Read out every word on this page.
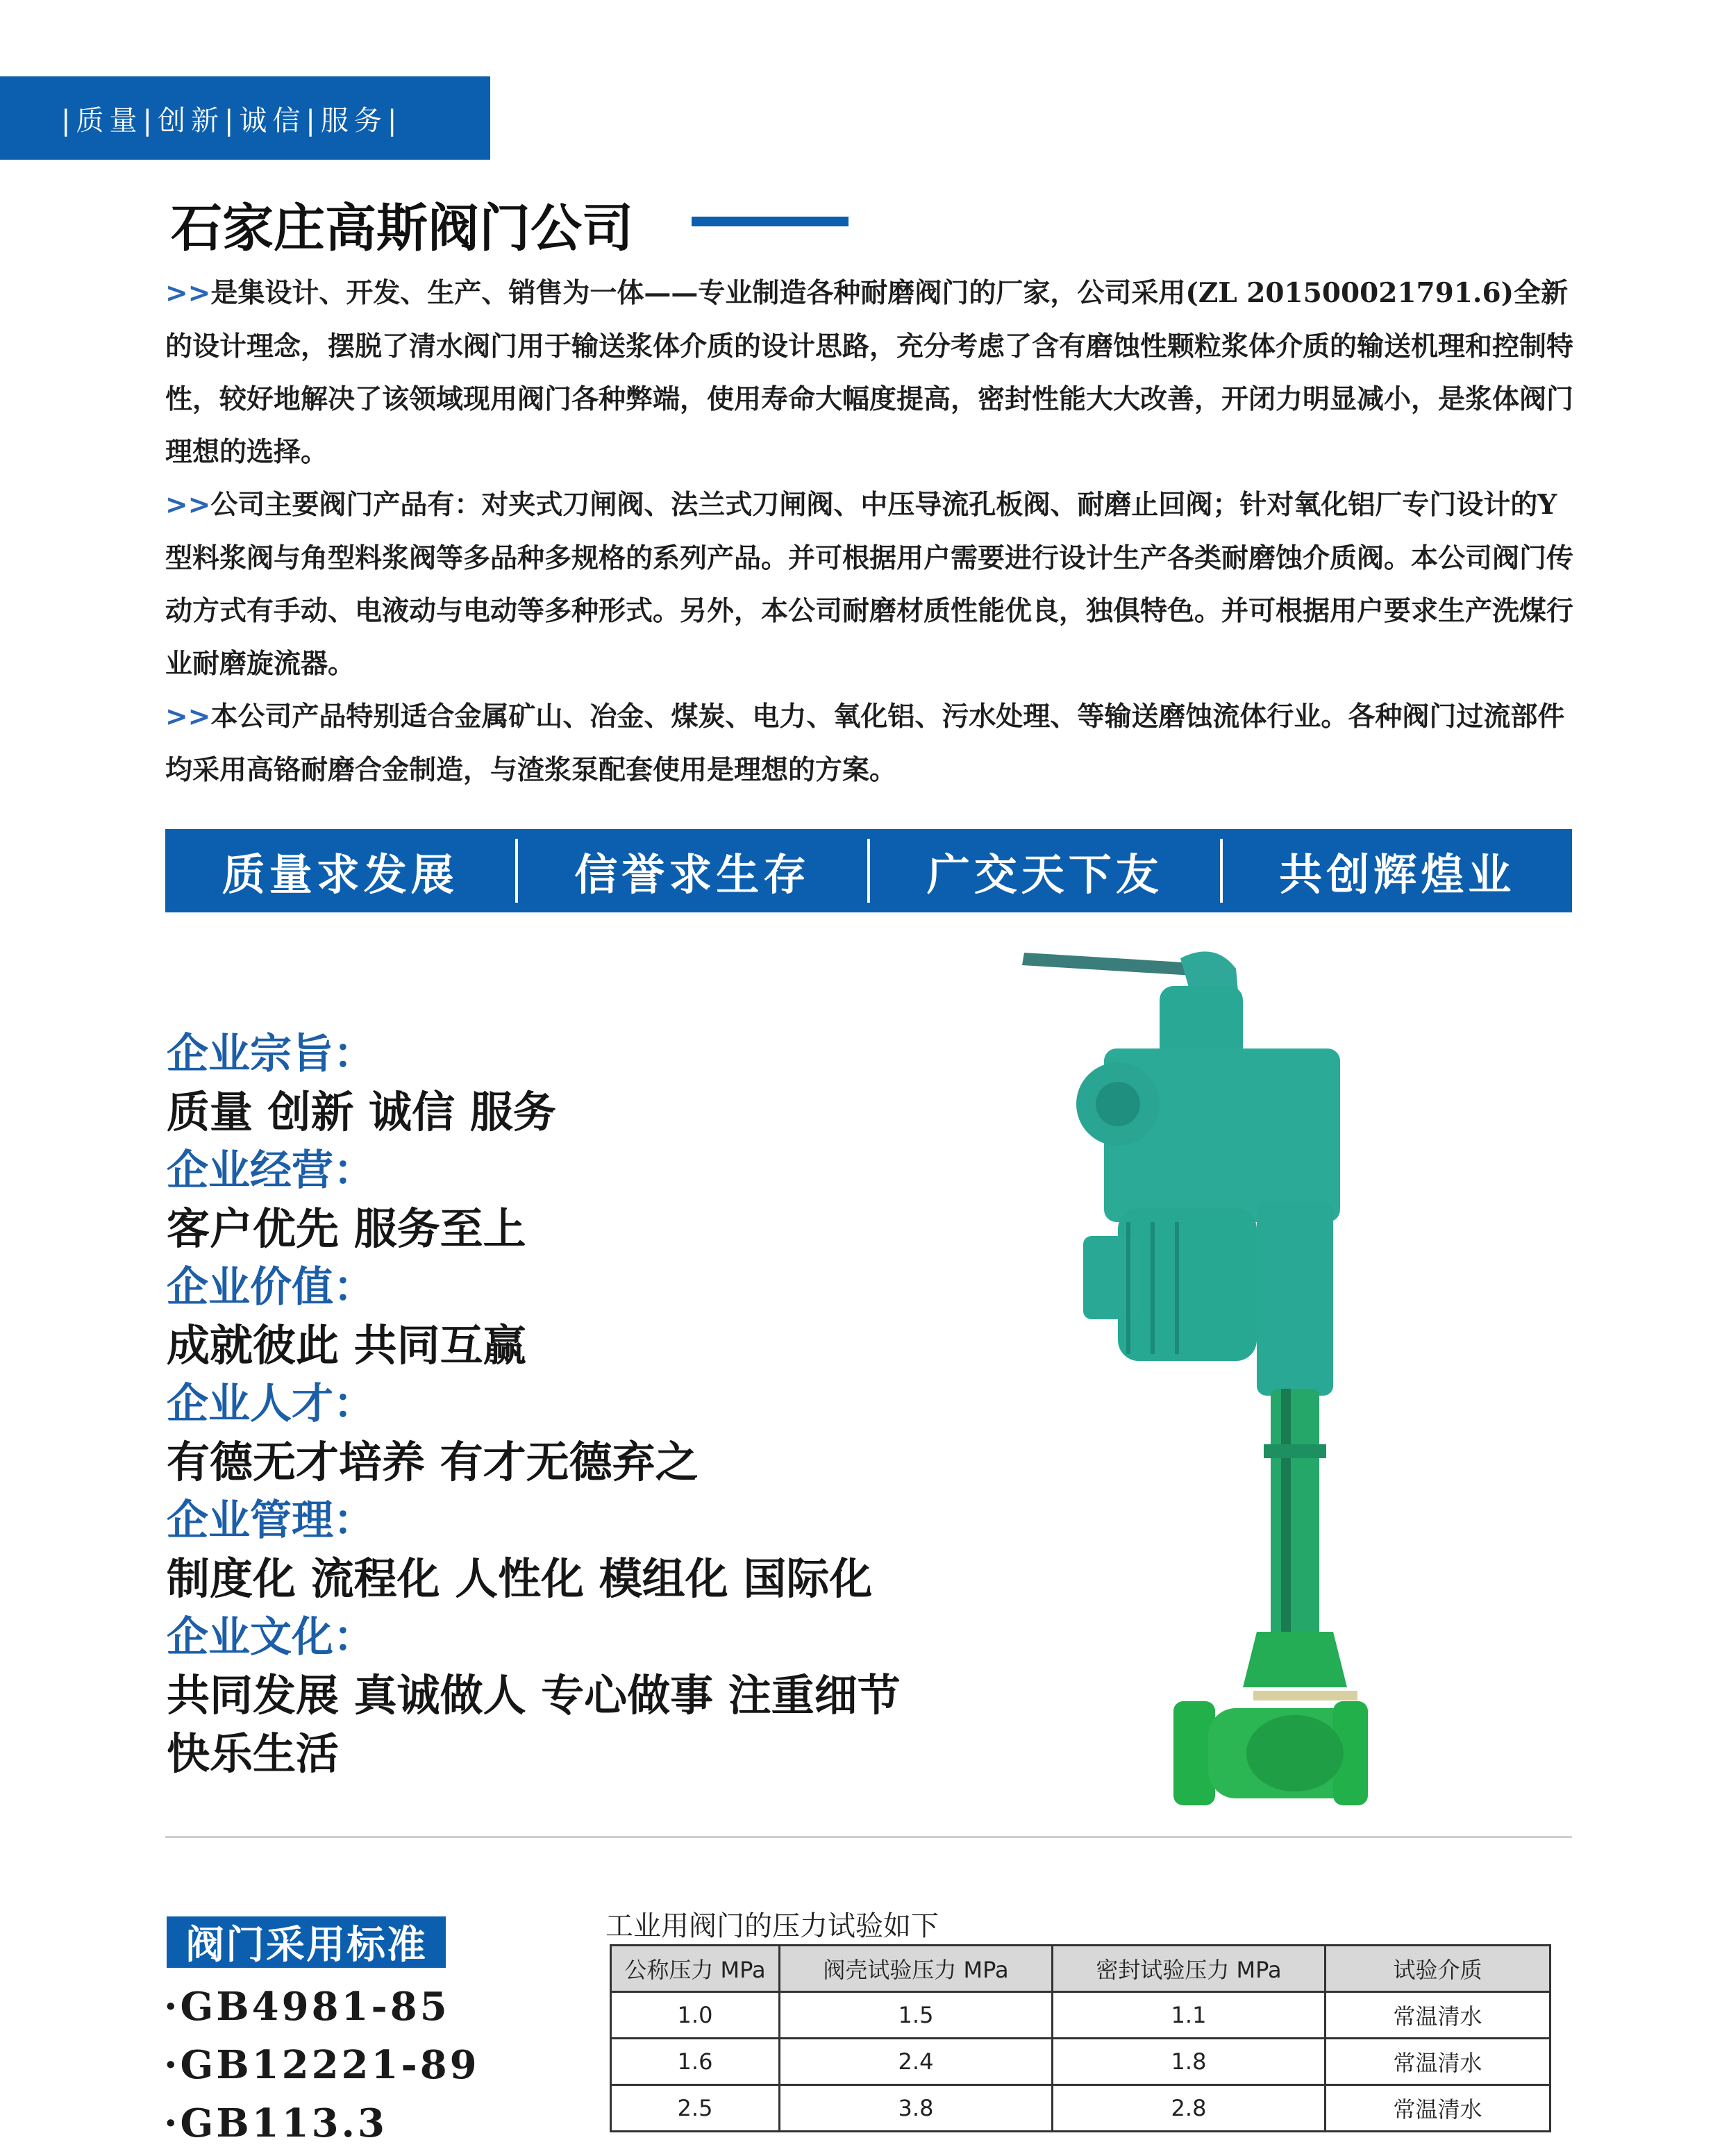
|质量|创新|诚信|服务|
石家庄高斯阀门公司

>>是集设计、开发、生产、销售为一体——专业制造各种耐磨阀门的厂家，公司采用(ZL 201500021791.6)全新的设计理念，摆脱了清水阀门用于输送浆体介质的设计思路，充分考虑了含有磨蚀性颗粒浆体介质的输送机理和控制特性，较好地解决了该领域现用阀门各种弊端，使用寿命大幅度提高，密封性能大大改善，开闭力明显减小，是浆体阀门理想的选择。

>>公司主要阀门产品有：对夹式刀闸阀、法兰式刀闸阀、中压导流孔板阀、耐磨止回阀；针对氧化铝厂专门设计的Y型料浆阀与角型料浆阀等多品种多规格的系列产品。并可根据用户需要进行设计生产各类耐磨蚀介质阀。本公司阀门传动方式有手动、电液动与电动等多种形式。另外，本公司耐磨材质性能优良，独俱特色。并可根据用户要求生产洗煤行业耐磨旋流器。

>>本公司产品特别适合金属矿山、冶金、煤炭、电力、氧化铝、污水处理、等输送磨蚀流体行业。各种阀门过流部件均采用高铬耐磨合金制造，与渣浆泵配套使用是理想的方案。

质量求发展	信誉求生存	广交天下友	共创辉煌业
企业宗旨：
质量 创新 诚信 服务
企业经营：
客户优先 服务至上
企业价值：
成就彼此 共同互赢
企业人才：
有德无才培养 有才无德弃之
企业管理：
制度化 流程化 人性化 模组化 国际化
企业文化：
共同发展 真诚做人 专心做事 注重细节
快乐生活
阀门采用标准
·GB4981-85
·GB12221-89
·GB113.3
工业用阀门的压力试验如下
公称压力 MPa	阀壳试验压力 MPa	密封试验压力 MPa	试验介质
1.0	1.5	1.1	常温清水
1.6	2.4	1.8	常温清水
2.5	3.8	2.8	常温清水
